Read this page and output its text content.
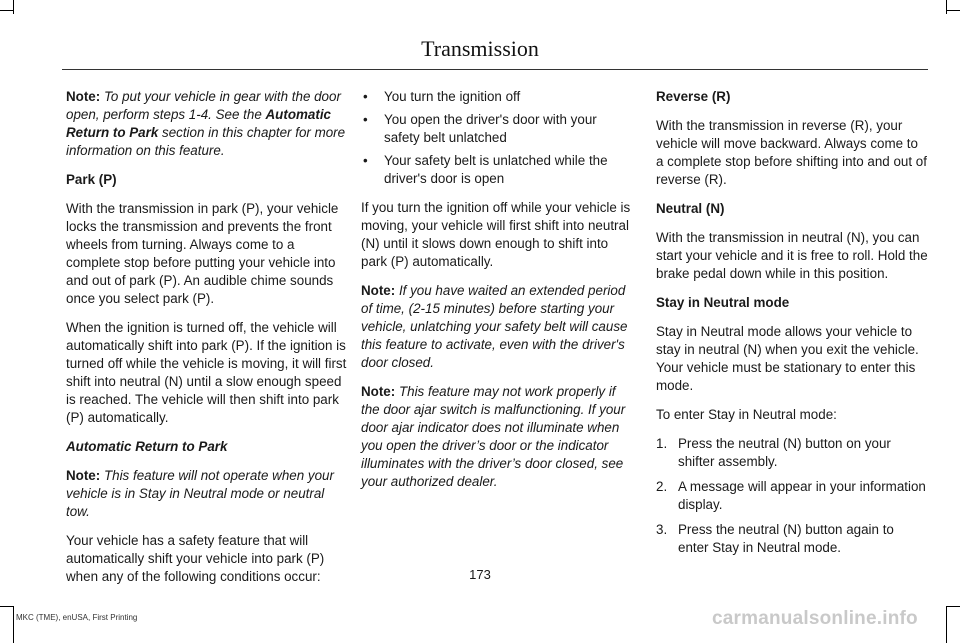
Transmission

Note: To put your vehicle in gear with the door open, perform steps 1-4. See the Automatic Return to Park section in this chapter for more information on this feature.

Park (P)

With the transmission in park (P), your vehicle locks the transmission and prevents the front wheels from turning. Always come to a complete stop before putting your vehicle into and out of park (P). An audible chime sounds once you select park (P).

When the ignition is turned off, the vehicle will automatically shift into park (P). If the ignition is turned off while the vehicle is moving, it will first shift into neutral (N) until a slow enough speed is reached. The vehicle will then shift into park (P) automatically.

Automatic Return to Park

Note: This feature will not operate when your vehicle is in Stay in Neutral mode or neutral tow.

Your vehicle has a safety feature that will automatically shift your vehicle into park (P) when any of the following conditions occur:

• You turn the ignition off
• You open the driver's door with your safety belt unlatched
• Your safety belt is unlatched while the driver's door is open

If you turn the ignition off while your vehicle is moving, your vehicle will first shift into neutral (N) until it slows down enough to shift into park (P) automatically.

Note: If you have waited an extended period of time, (2-15 minutes) before starting your vehicle, unlatching your safety belt will cause this feature to activate, even with the driver's door closed.

Note: This feature may not work properly if the door ajar switch is malfunctioning. If your door ajar indicator does not illuminate when you open the driver’s door or the indicator illuminates with the driver’s door closed, see your authorized dealer.

Reverse (R)

With the transmission in reverse (R), your vehicle will move backward. Always come to a complete stop before shifting into and out of reverse (R).

Neutral (N)

With the transmission in neutral (N), you can start your vehicle and it is free to roll. Hold the brake pedal down while in this position.

Stay in Neutral mode

Stay in Neutral mode allows your vehicle to stay in neutral (N) when you exit the vehicle. Your vehicle must be stationary to enter this mode.

To enter Stay in Neutral mode:

1. Press the neutral (N) button on your shifter assembly.
2. A message will appear in your information display.
3. Press the neutral (N) button again to enter Stay in Neutral mode.
173
MKC (TME), enUSA, First Printing	carmanualsonline.info
